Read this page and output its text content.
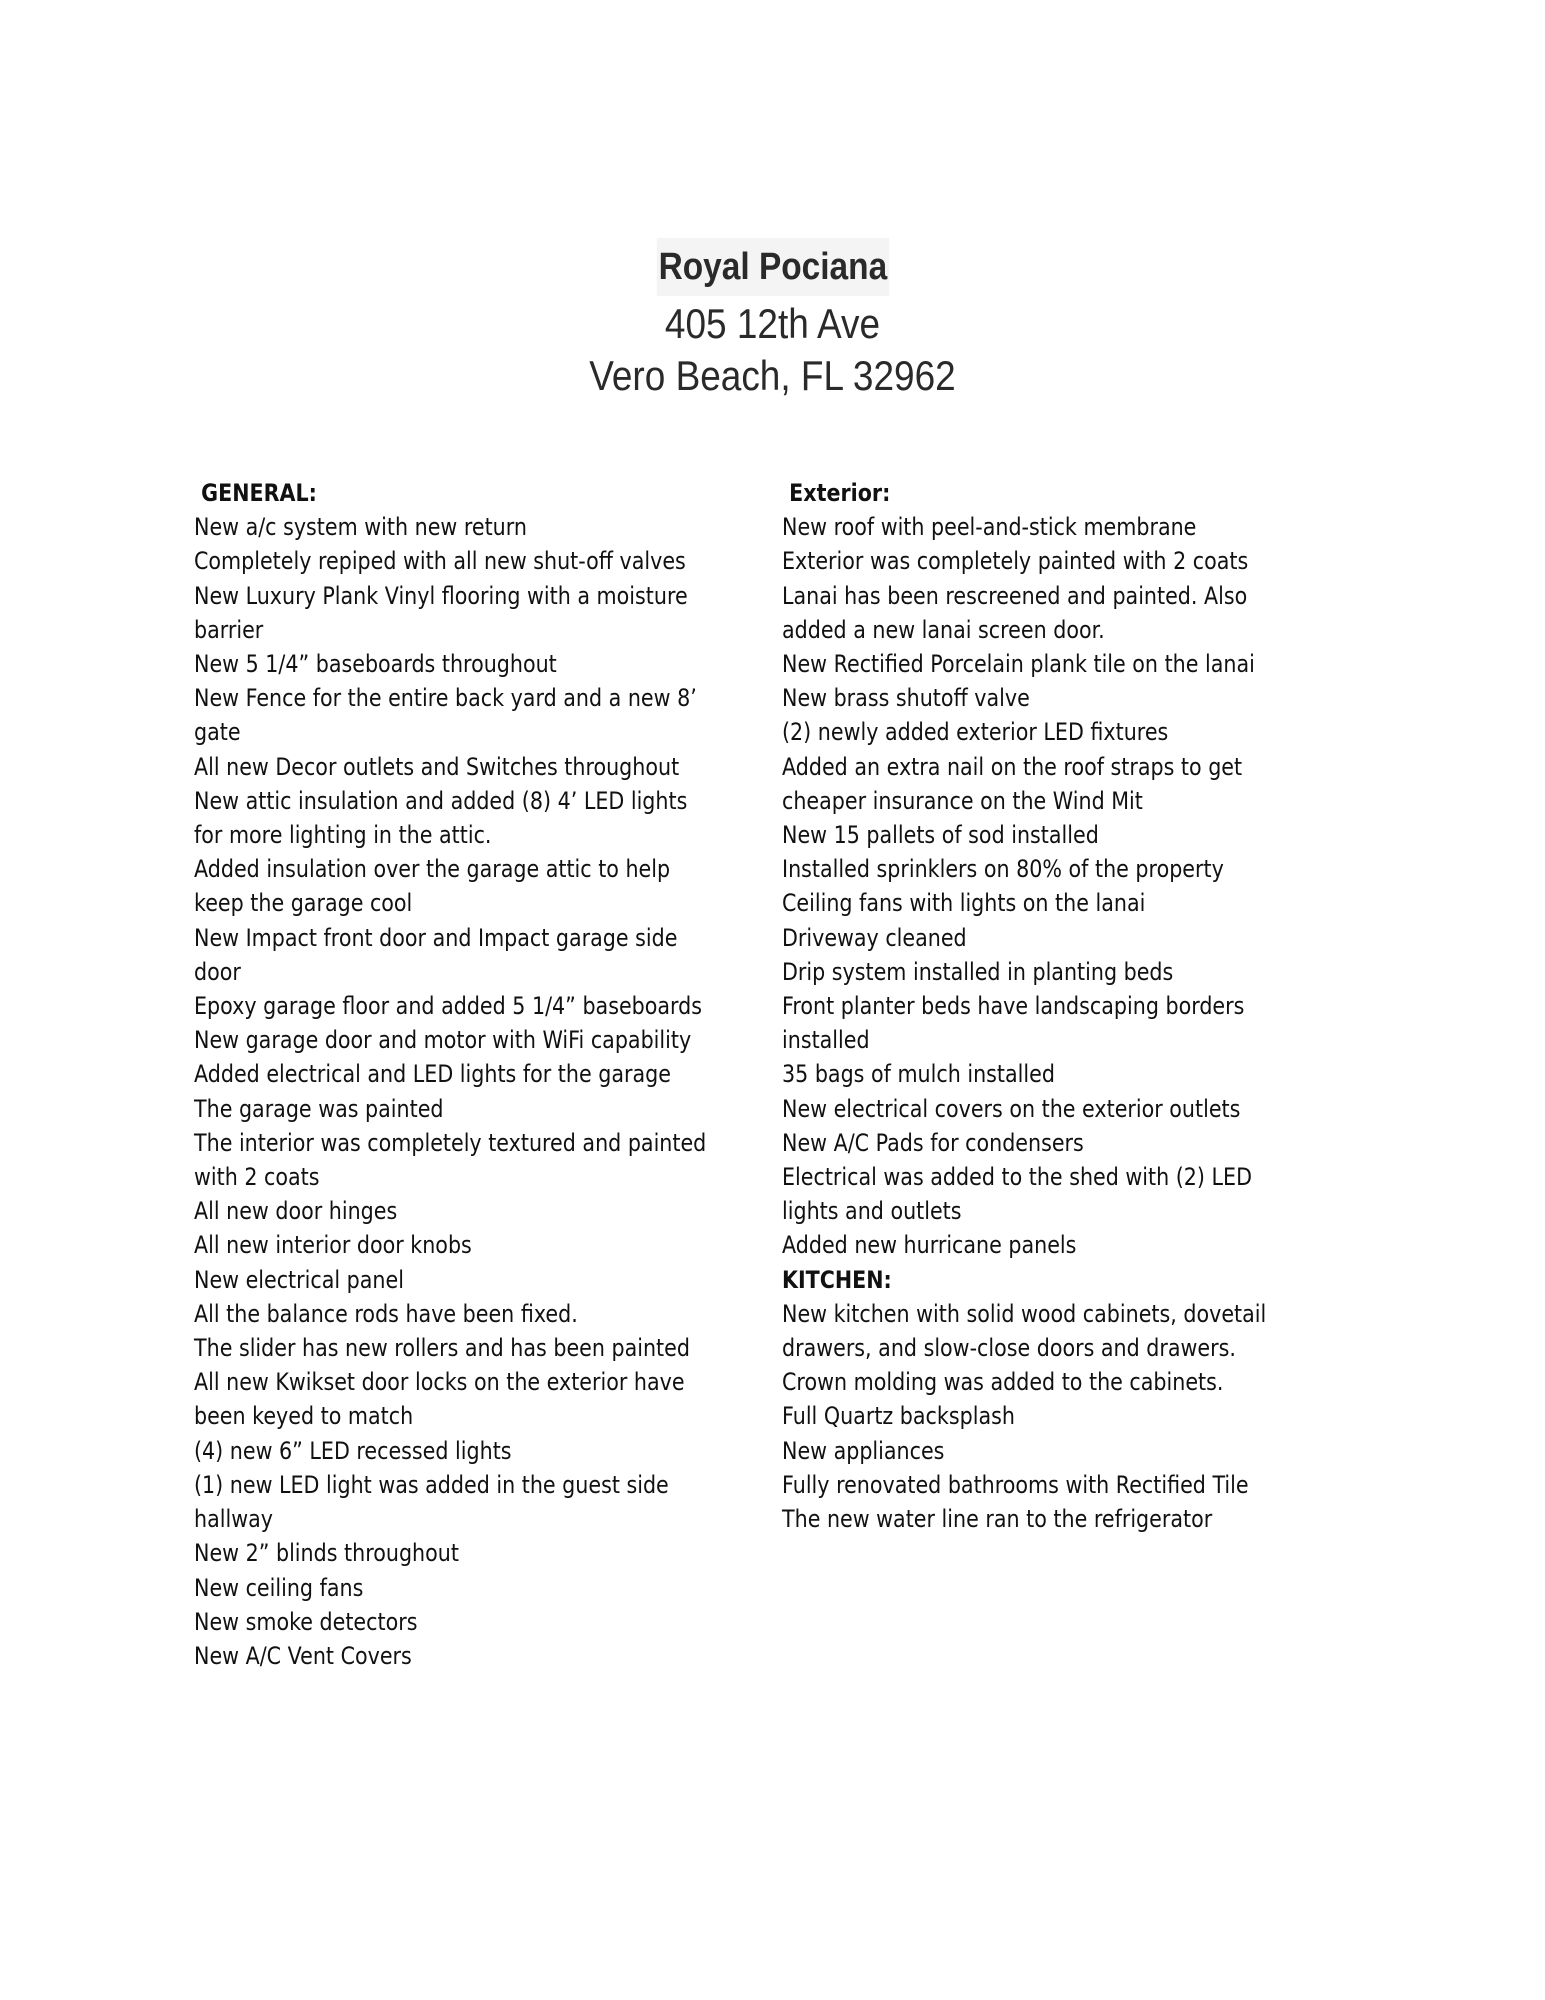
Royal Pociana
405 12th Ave
Vero Beach, FL 32962
GENERAL:
New a/c system with new return
Completely repiped with all new shut-off valves
New Luxury Plank Vinyl flooring with a moisture
barrier
New 5 1/4” baseboards throughout
New Fence for the entire back yard and a new 8’
gate
All new Decor outlets and Switches throughout
New attic insulation and added (8) 4’ LED lights
for more lighting in the attic.
Added insulation over the garage attic to help
keep the garage cool
New Impact front door and Impact garage side
door
Epoxy garage floor and added 5 1/4” baseboards
New garage door and motor with WiFi capability
Added electrical and LED lights for the garage
The garage was painted
The interior was completely textured and painted
with 2 coats
All new door hinges
All new interior door knobs
New electrical panel
All the balance rods have been fixed.
The slider has new rollers and has been painted
All new Kwikset door locks on the exterior have
been keyed to match
(4) new 6” LED recessed lights
(1) new LED light was added in the guest side
hallway
New 2” blinds throughout
New ceiling fans
New smoke detectors
New A/C Vent Covers
Exterior:
New roof with peel-and-stick membrane
Exterior was completely painted with 2 coats
Lanai has been rescreened and painted. Also
added a new lanai screen door.
New Rectified Porcelain plank tile on the lanai
New brass shutoff valve
(2) newly added exterior LED fixtures
Added an extra nail on the roof straps to get
cheaper insurance on the Wind Mit
New 15 pallets of sod installed
Installed sprinklers on 80% of the property
Ceiling fans with lights on the lanai
Driveway cleaned
Drip system installed in planting beds
Front planter beds have landscaping borders
installed
35 bags of mulch installed
New electrical covers on the exterior outlets
New A/C Pads for condensers
Electrical was added to the shed with (2) LED
lights and outlets
Added new hurricane panels
KITCHEN:
New kitchen with solid wood cabinets, dovetail
drawers, and slow-close doors and drawers.
Crown molding was added to the cabinets.
Full Quartz backsplash
New appliances
Fully renovated bathrooms with Rectified Tile
The new water line ran to the refrigerator
